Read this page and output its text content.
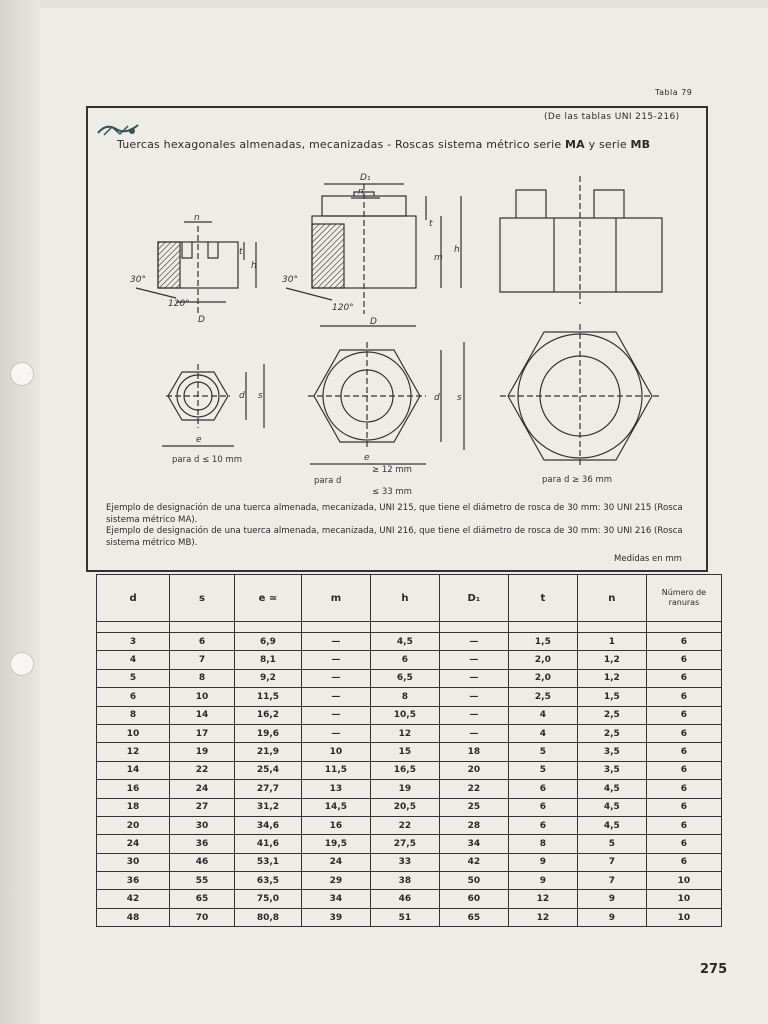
Tabla 79
(De las tablas UNI 215-216)
Tuercas hexagonales almenadas, mecanizadas - Roscas sistema métrico serie MA y serie MB
n
t
h
30°
120°
D
D₁
n
t
m
h
30°
120°
D
d s
e
d s
e
para d ≤ 10 mm
≥ 12 mm
para d
≤ 33 mm
para d ≥ 36 mm

Ejemplo de designación de una tuerca almenada, mecanizada, UNI 215, que tiene el diámetro de rosca de 30 mm: 30 UNI 215 (Rosca sistema métrico MA).

Ejemplo de designación de una tuerca almenada, mecanizada, UNI 216, que tiene el diámetro de rosca de 30 mm: 30 UNI 216 (Rosca sistema métrico MB).

Medidas en mm
d	s	e ≃	m	h	D₁	t	n	Número de ranuras

3	6	6,9	—	4,5	—	1,5	1	6
4	7	8,1	—	6	—	2,0	1,2	6
5	8	9,2	—	6,5	—	2,0	1,2	6
6	10	11,5	—	8	—	2,5	1,5	6
8	14	16,2	—	10,5	—	4	2,5	6
10	17	19,6	—	12	—	4	2,5	6
12	19	21,9	10	15	18	5	3,5	6
14	22	25,4	11,5	16,5	20	5	3,5	6
16	24	27,7	13	19	22	6	4,5	6
18	27	31,2	14,5	20,5	25	6	4,5	6
20	30	34,6	16	22	28	6	4,5	6
24	36	41,6	19,5	27,5	34	8	5	6
30	46	53,1	24	33	42	9	7	6
36	55	63,5	29	38	50	9	7	10
42	65	75,0	34	46	60	12	9	10
48	70	80,8	39	51	65	12	9	10
275
